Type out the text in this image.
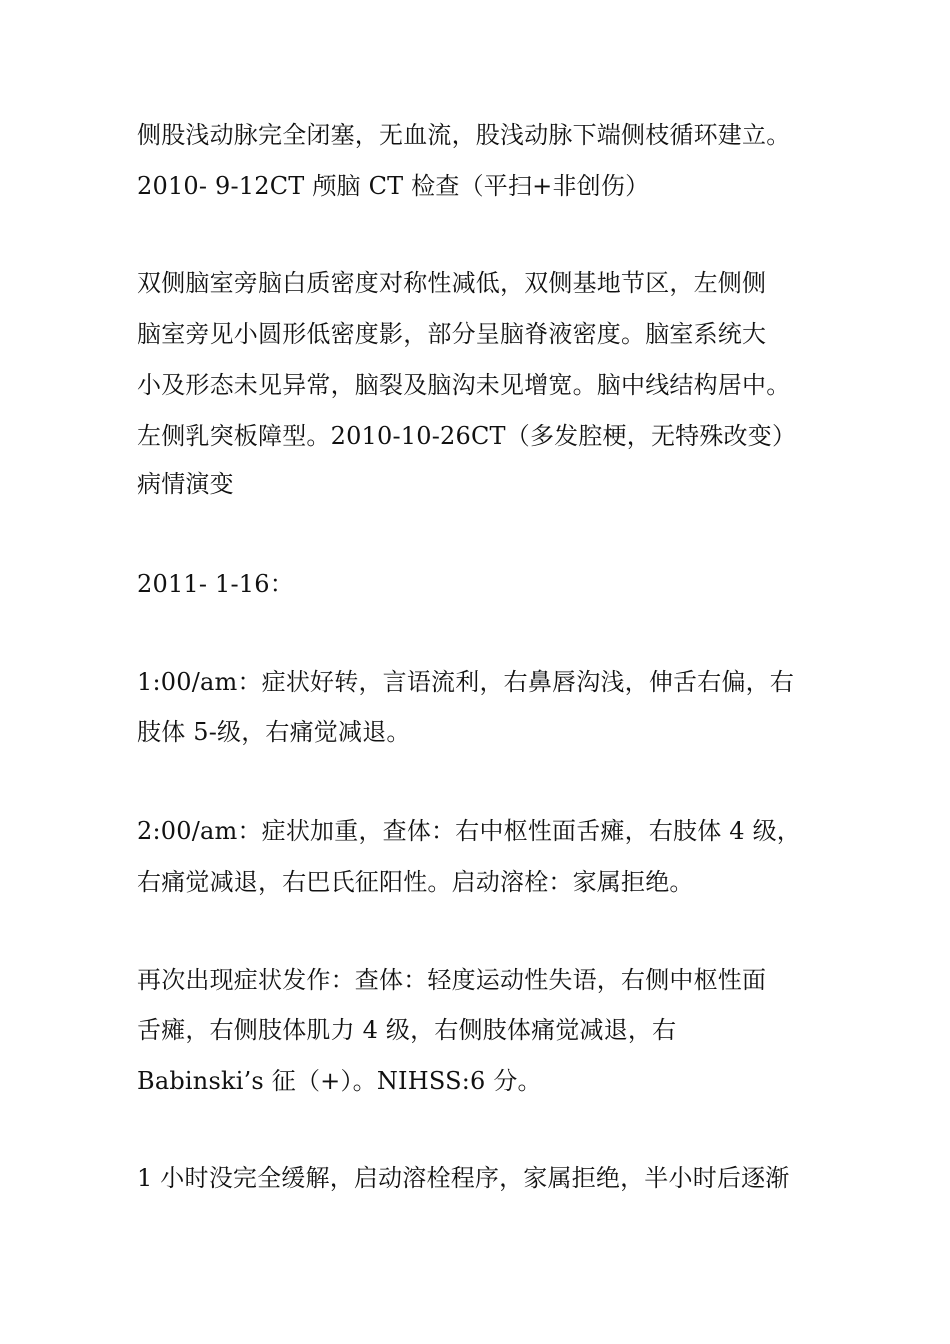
侧股浅动脉完全闭塞，无血流，股浅动脉下端侧枝循环建立。
2010- 9-12CT 颅脑 CT 检查（平扫+非创伤）
双侧脑室旁脑白质密度对称性减低，双侧基地节区，左侧侧
脑室旁见小圆形低密度影，部分呈脑脊液密度。脑室系统大
小及形态未见异常，脑裂及脑沟未见增宽。脑中线结构居中。
左侧乳突板障型。2010-10-26CT（多发腔梗，无特殊改变）
病情演变
2011- 1-16：
1:00/am：症状好转，言语流利，右鼻唇沟浅，伸舌右偏，右
肢体 5-级，右痛觉减退。
2:00/am：症状加重，查体：右中枢性面舌瘫，右肢体 4 级，
右痛觉减退，右巴氏征阳性。启动溶栓：家属拒绝。
再次出现症状发作：查体：轻度运动性失语，右侧中枢性面
舌瘫，右侧肢体肌力 4 级，右侧肢体痛觉减退，右
Babinski’s 征（+）。NIHSS:6 分。
1 小时没完全缓解，启动溶栓程序，家属拒绝，半小时后逐渐
